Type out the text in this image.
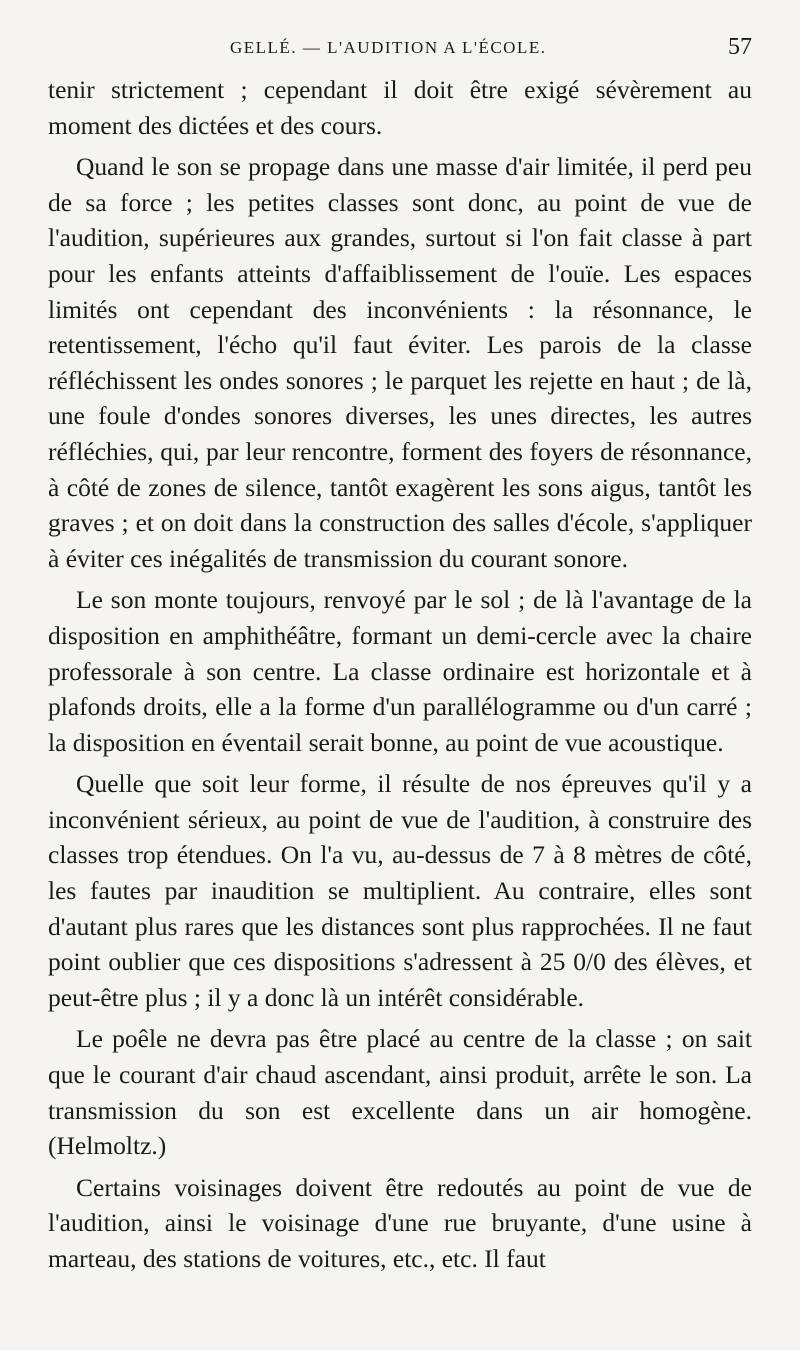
GELLÉ. — L'AUDITION A L'ÉCOLE.	57

tenir strictement ; cependant il doit être exigé sévèrement au moment des dictées et des cours.

Quand le son se propage dans une masse d'air limitée, il perd peu de sa force ; les petites classes sont donc, au point de vue de l'audition, supérieures aux grandes, surtout si l'on fait classe à part pour les enfants atteints d'affaiblissement de l'ouïe. Les espaces limités ont cependant des inconvénients : la résonnance, le retentissement, l'écho qu'il faut éviter. Les parois de la classe réfléchissent les ondes sonores ; le parquet les rejette en haut ; de là, une foule d'ondes sonores diverses, les unes directes, les autres réfléchies, qui, par leur rencontre, forment des foyers de résonnance, à côté de zones de silence, tantôt exagèrent les sons aigus, tantôt les graves ; et on doit dans la construction des salles d'école, s'appliquer à éviter ces inégalités de transmission du courant sonore.

Le son monte toujours, renvoyé par le sol ; de là l'avantage de la disposition en amphithéâtre, formant un demi-cercle avec la chaire professorale à son centre. La classe ordinaire est horizontale et à plafonds droits, elle a la forme d'un parallélogramme ou d'un carré ; la disposition en éventail serait bonne, au point de vue acoustique.

Quelle que soit leur forme, il résulte de nos épreuves qu'il y a inconvénient sérieux, au point de vue de l'audition, à construire des classes trop étendues. On l'a vu, au-dessus de 7 à 8 mètres de côté, les fautes par inaudition se multiplient. Au contraire, elles sont d'autant plus rares que les distances sont plus rapprochées. Il ne faut point oublier que ces dispositions s'adressent à 25 0/0 des élèves, et peut-être plus ; il y a donc là un intérêt considérable.

Le poêle ne devra pas être placé au centre de la classe ; on sait que le courant d'air chaud ascendant, ainsi produit, arrête le son. La transmission du son est excellente dans un air homogène. (Helmoltz.)

Certains voisinages doivent être redoutés au point de vue de l'audition, ainsi le voisinage d'une rue bruyante, d'une usine à marteau, des stations de voitures, etc., etc. Il faut
